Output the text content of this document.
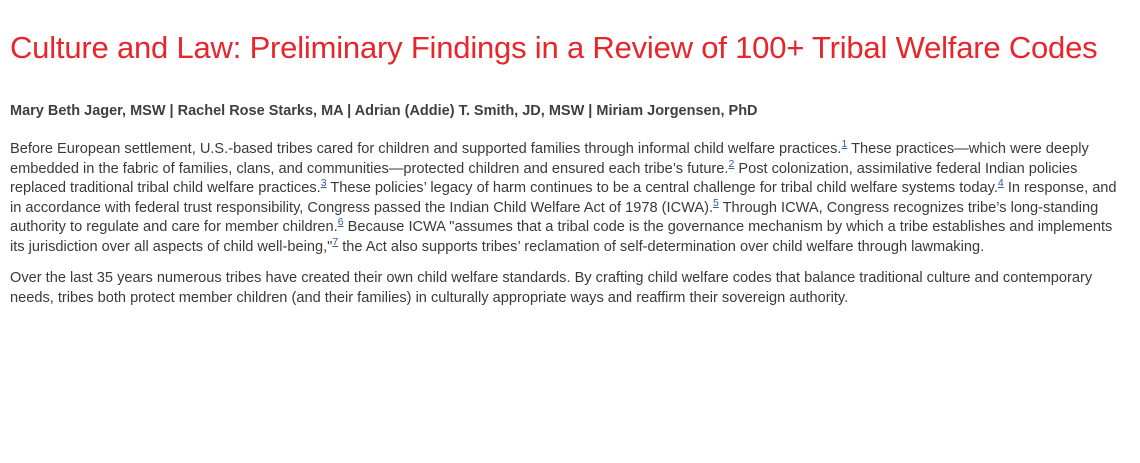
Culture and Law: Preliminary Findings in a Review of 100+ Tribal Welfare Codes
Mary Beth Jager, MSW | Rachel Rose Starks, MA | Adrian (Addie) T. Smith, JD, MSW | Miriam Jorgensen, PhD

Before European settlement, U.S.-based tribes cared for children and supported families through informal child welfare practices.$^1$ These practices—which were deeply embedded in the fabric of families, clans, and communities—protected children and ensured each tribe’s future.$^2$ Post colonization, assimilative federal Indian policies replaced traditional tribal child welfare practices.$^3$ These policies’ legacy of harm continues to be a central challenge for tribal child welfare systems today.$^4$ In response, and in accordance with federal trust responsibility, Congress passed the Indian Child Welfare Act of 1978 (ICWA).$^5$ Through ICWA, Congress recognizes tribe’s long-standing authority to regulate and care for member children.$^6$ Because ICWA "assumes that a tribal code is the governance mechanism by which a tribe establishes and implements its jurisdiction over all aspects of child well-being,"$^7$ the Act also supports tribes’ reclamation of self-determination over child welfare through lawmaking.

Over the last 35 years numerous tribes have created their own child welfare standards. By crafting child welfare codes that balance traditional culture and contemporary needs, tribes both protect member children (and their families) in culturally appropriate ways and reaffirm their sovereign authority.
